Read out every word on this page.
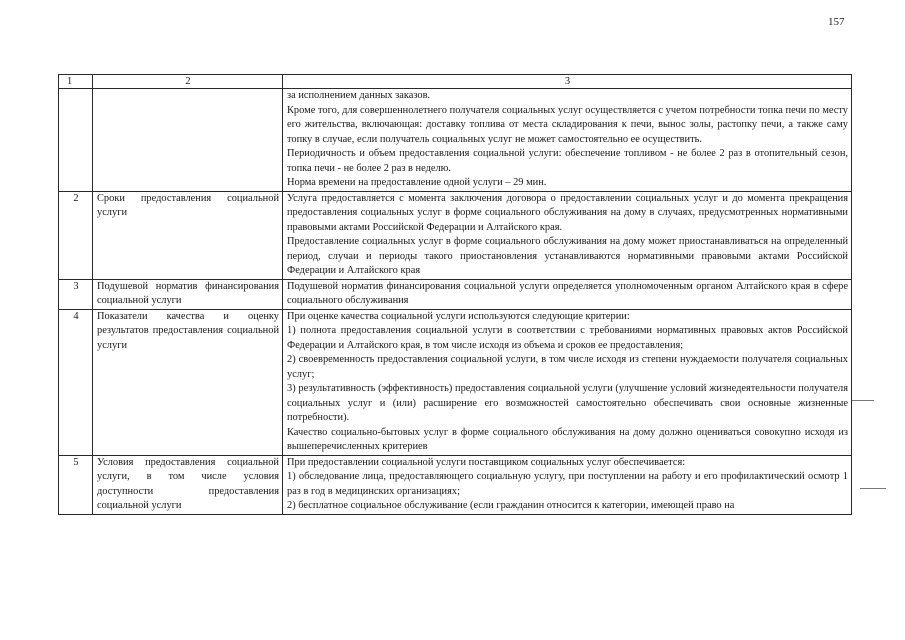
157
1	2	3

		за исполнением данных заказов.

Кроме того, для совершеннолетнего получателя социальных услуг осуществляется с учетом потребности топка печи по месту его жительства, включающая: доставку топлива от места складирования к печи, вынос золы, растопку печи, а также саму топку в случае, если получатель социальных услуг не может самостоятельно ее осуществить.

Периодичность и объем предоставления социальной услуги: обеспечение топливом - не более 2 раз в отопительный сезон, топка печи - не более 2 раз в неделю.

Норма времени на предоставление одной услуги – 29 мин.

2	Сроки предоставления социальной услуги	Услуга предоставляется с момента заключения договора о предоставлении социальных услуг и до момента прекращения предоставления социальных услуг в форме социального обслуживания на дому в случаях, предусмотренных нормативными правовыми актами Российской Федерации и Алтайского края.

Предоставление социальных услуг в форме социального обслуживания на дому может приостанавливаться на определенный период, случаи и периоды такого приостановления устанавливаются нормативными правовыми актами Российской Федерации и Алтайского края

3	Подушевой норматив финансирования социальной услуги	Подушевой норматив финансирования социальной услуги определяется уполномоченным органом Алтайского края в сфере социального обслуживания

4	Показатели качества и оценку результатов предоставления социальной услуги	При оценке качества социальной услуги используются следующие критерии:

1) полнота предоставления социальной услуги в соответствии с требованиями нормативных правовых актов Российской Федерации и Алтайского края, в том числе исходя из объема и сроков ее предоставления;

2) своевременность предоставления социальной услуги, в том числе исходя из степени нуждаемости получателя социальных услуг;

3) результативность (эффективность) предоставления социальной услуги (улучшение условий жизнедеятельности получателя социальных услуг и (или) расширение его возможностей самостоятельно обеспечивать свои основные жизненные потребности).

Качество социально-бытовых услуг в форме социального обслуживания на дому должно оцениваться совокупно исходя из вышеперечисленных критериев

5	Условия предоставления социальной услуги, в том числе условия доступности предоставления социальной услуги	При предоставлении социальной услуги поставщиком социальных услуг обеспечивается:

1) обследование лица, предоставляющего социальную услугу, при поступлении на работу и его профилактический осмотр 1 раз в год в медицинских организациях;

2) бесплатное социальное обслуживание (если гражданин относится к категории, имеющей право на
